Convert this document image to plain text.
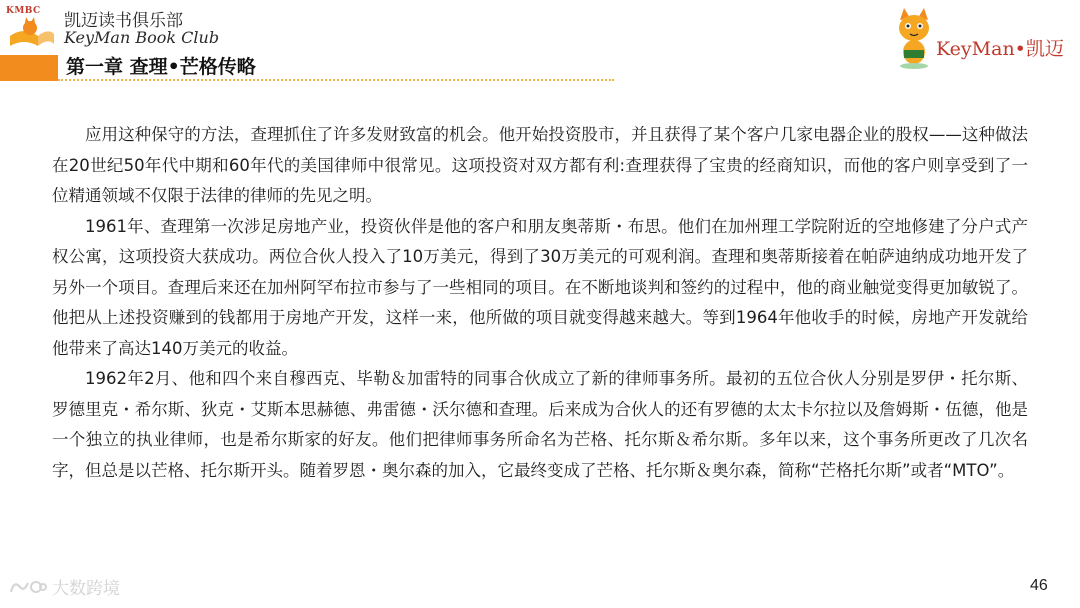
KMBC 凯迈读书俱乐部
KeyMan Book Club
第一章 查理•芒格传略
KeyMan•凯迈

应用这种保守的方法，查理抓住了许多发财致富的机会。他开始投资股市，并且获得了某个客户几家电器企业的股权——这种做法在20世纪50年代中期和60年代的美国律师中很常见。这项投资对双方都有利:查理获得了宝贵的经商知识，而他的客户则享受到了一位精通领域不仅限于法律的律师的先见之明。

1961年、查理第一次涉足房地产业，投资伙伴是他的客户和朋友奥蒂斯・布思。他们在加州理工学院附近的空地修建了分户式产权公寓，这项投资大获成功。两位合伙人投入了10万美元，得到了30万美元的可观利润。查理和奥蒂斯接着在帕萨迪纳成功地开发了另外一个项目。查理后来还在加州阿罕布拉市参与了一些相同的项目。在不断地谈判和签约的过程中，他的商业触觉变得更加敏锐了。他把从上述投资赚到的钱都用于房地产开发，这样一来，他所做的项目就变得越来越大。等到1964年他收手的时候，房地产开发就给他带来了高达140万美元的收益。

1962年2月、他和四个来自穆西克、毕勒＆加雷特的同事合伙成立了新的律师事务所。最初的五位合伙人分别是罗伊・托尔斯、罗德里克・希尔斯、狄克・艾斯本思赫德、弗雷德・沃尔德和查理。后来成为合伙人的还有罗德的太太卡尔拉以及詹姆斯・伍德，他是一个独立的执业律师，也是希尔斯家的好友。他们把律师事务所命名为芒格、托尔斯＆希尔斯。多年以来，这个事务所更改了几次名字，但总是以芒格、托尔斯开头。随着罗恩・奥尔森的加入，它最终变成了芒格、托尔斯＆奥尔森，简称“芒格托尔斯”或者“MTO”。

大数跨境	46
